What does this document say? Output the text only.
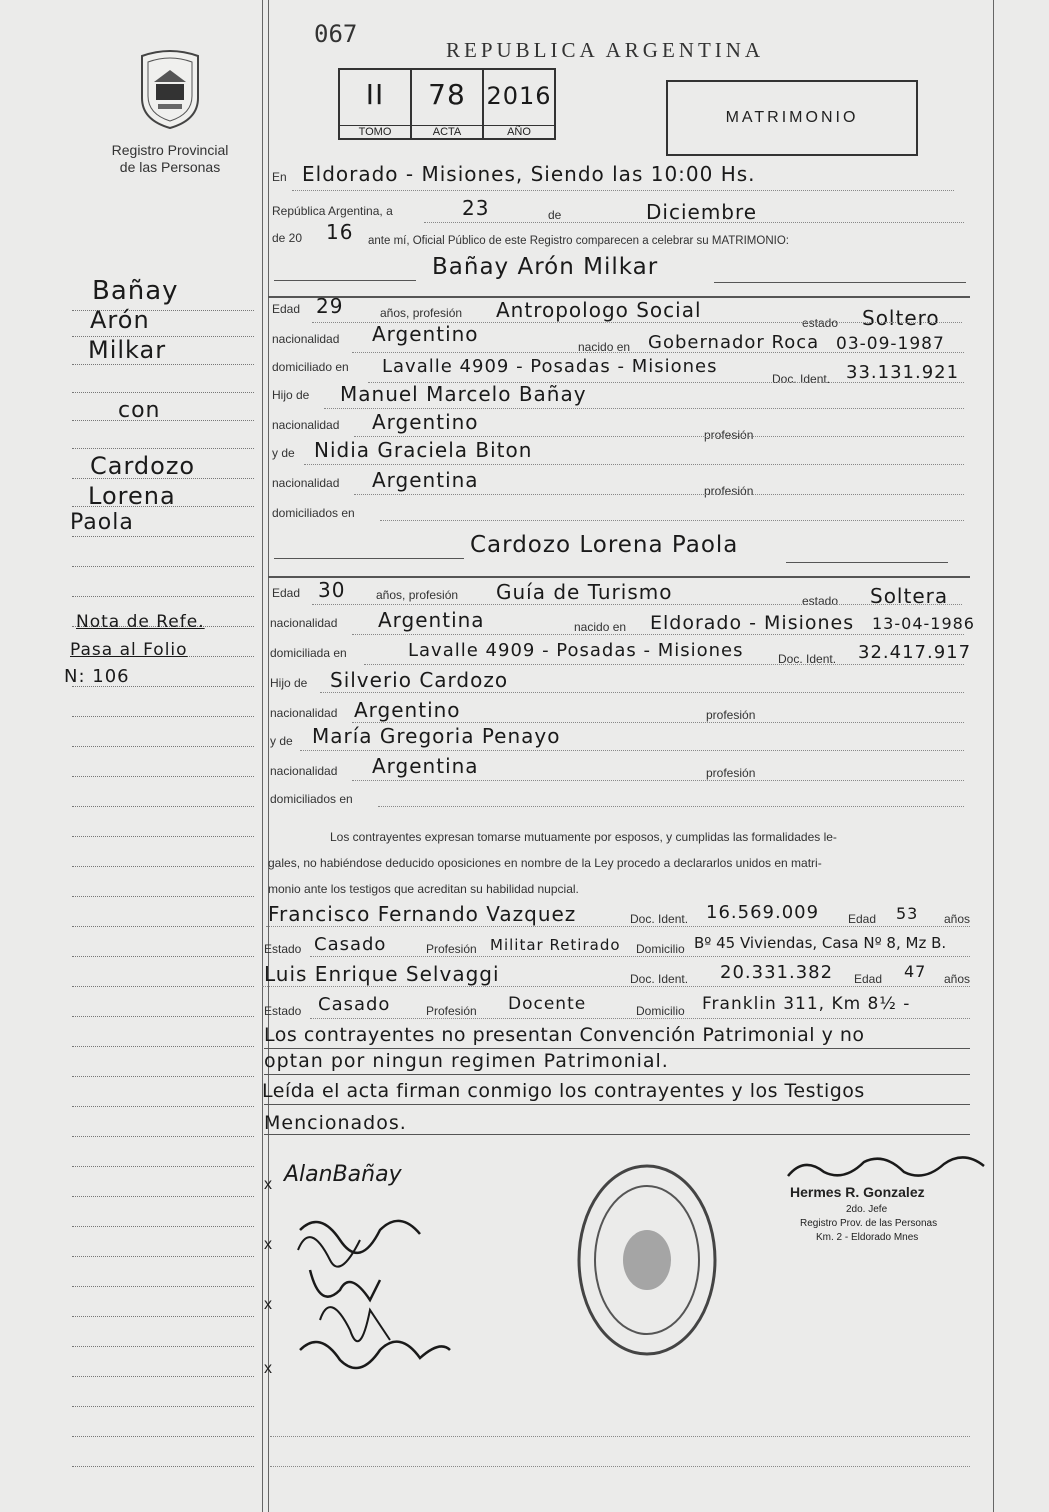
Registro Provincial
de las Personas
067
REPUBLICA ARGENTINA
II
TOMO
78
ACTA
2016
AÑO
MATRIMONIO
Bañay
Arón
Milkar
con
Cardozo
Lorena
Paola
Nota de Refe.
Pasa al Folio
N: 106
En Eldorado - Misiones, Siendo las 10:00 Hs.
República Argentina, a	23	de	Diciembre
de 20 16 ante mí, Oficial Público de este Registro comparecen a celebrar su MATRIMONIO:
Bañay Arón Milkar
Edad 29	años, profesión Antropologo Social
estado Soltero
nacionalidad Argentino
nacido en Gobernador Roca 03-09-1987
domiciliado en Lavalle 4909 - Posadas - Misiones
Doc. Ident. 33.131.921
Hijo de Manuel Marcelo Bañay
nacionalidad Argentino
profesión
y de Nidia Graciela Biton
nacionalidad Argentina	profesión
domiciliados en
Cardozo Lorena Paola
Edad 30	años, profesión Guía de Turismo	estado Soltera
nacionalidad Argentina	nacido en Eldorado - Misiones 13-04-1986
domiciliada en	Lavalle 4909 - Posadas - Misiones	Doc. Ident. 32.417.917
Hijo de Silverio Cardozo
nacionalidad Argentino	profesión
y de María Gregoria Penayo
nacionalidad Argentina	profesión
domiciliados en
Los contrayentes expresan tomarse mutuamente por esposos, y cumplidas las formalidades le-
gales, no habiéndose deducido oposiciones en nombre de la Ley procedo a declararlos unidos en matri-
monio ante los testigos que acreditan su habilidad nupcial.
Francisco Fernando Vazquez	Doc. Ident. 16.569.009 Edad 53 años
Estado Casado	Profesión Militar Retirado Domicilio Bº 45 Viviendas, Casa Nº 8, Mz B.
Luis Enrique Selvaggi	Doc. Ident. 20.331.382 Edad 47 años
Estado Casado	Profesión Docente	Domicilio Franklin 311, Km 8½ -
Los contrayentes no presentan Convención Patrimonial y no
optan por ningun regimen Patrimonial.
Leída el acta firman conmigo los contrayentes y los Testigos
Mencionados.
x
x
x
x
AlanBañay
Hermes R. Gonzalez
2do. Jefe
Registro Prov. de las Personas
Km. 2 - Eldorado Mnes
